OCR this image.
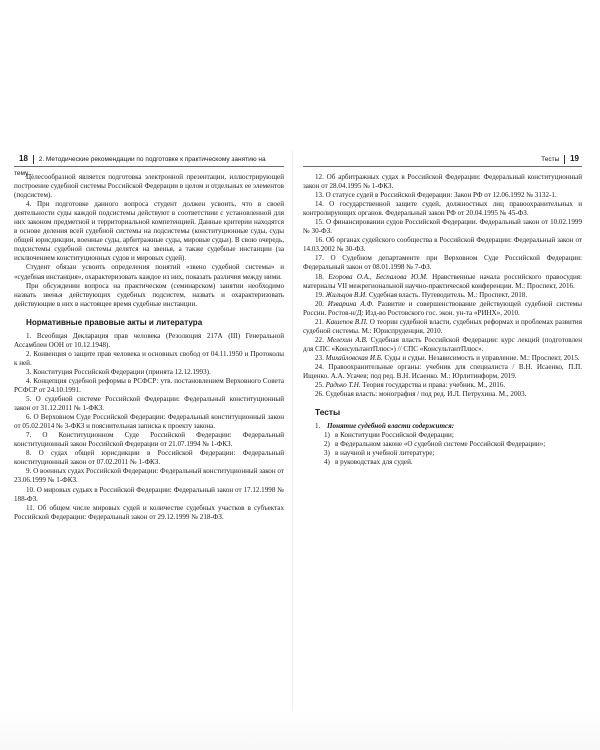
18 2. Методические рекомендации по подготовке к практическому занятию на тему...

Целесообразной является подготовка электронной презентации, иллюстрирующей построение судебной системы Российской Федерации в целом и отдельных ее элементов (подсистем).

4. При подготовке данного вопроса студент должен усвоить, что в своей деятельности суды каждой подсистемы действуют в соответствии с установленной для них законом предметной и территориальной компетенцией. Данные критерии находятся в основе деления всей судебной системы на подсистемы (конституционные суды, суды общей юрисдикции, военные суды, арбитражные суды, мировые судьи). В свою очередь, подсистемы судебной системы делятся на звенья, а также судебные инстанции (за исключением конституционных судов и мировых судей).

Студент обязан усвоить определения понятий «звено судебной системы» и «судебная инстанция», охарактеризовать каждое из них, показать различия между ними.

При обсуждении вопроса на практическом (семинарском) занятии необходимо назвать звенья действующих судебных подсистем, назвать и охарактеризовать действующие в них в настоящее время судебные инстанции.

Нормативные правовые акты и литература

1. Всеобщая Декларация прав человека (Резолюция 217А (III) Генеральной Ассамблеи ООН от 10.12.1948).

2. Конвенция о защите прав человека и основных свобод от 04.11.1950 и Протоколы к ней.

3. Конституция Российской Федерации (принята 12.12.1993).

4. Концепция судебной реформы в РСФСР: утв. постановлением Верховного Совета РСФСР от 24.10.1991.

5. О судебной системе Российской Федерации: Федеральный конституционный закон от 31.12.2011 № 1-ФКЗ.

6. О Верховном Суде Российской Федерации: Федеральный конституционный закон от 05.02.2014 № 3-ФКЗ и пояснительная записка к проекту закона.

7. О Конституционном Суде Российской Федерации: Федеральный конституционный закон Российской Федерации от 21.07.1994 № 1-ФКЗ.

8. О судах общей юрисдикции в Российской Федерации: Федеральный конституционный закон от 07.02.2011 № 1-ФКЗ.

9. О военных судах Российской Федерации: Федеральный конституционный закон от 23.06.1999 № 1-ФКЗ.

10. О мировых судьях в Российской Федерации: Федеральный закон от 17.12.1998 № 188-ФЗ.

11. Об общем числе мировых судей и количестве судебных участков в субъектах Российской Федерации: Федеральный закон от 29.12.1999 № 218-ФЗ.

Тесты 19

12. Об арбитражных судах в Российской Федерации: Федеральный конституционный закон от 28.04.1995 № 1-ФКЗ.

13. О статусе судей в Российской Федерации: Закон РФ от 12.06.1992 № 3132-1.

14. О государственной защите судей, должностных лиц правоохранительных и контролирующих органов. Федеральный закон РФ от 20.04.1995 № 45-ФЗ.

15. О финансировании судов Российской Федерации. Федеральный закон от 10.02.1999 № 30-ФЗ.

16. Об органах судейского сообщества в Российской Федерации: Федеральный закон от 14.03.2002 № 30-ФЗ.

17. О Судебном департаменте при Верховном Суде Российской Федерации: Федеральный закон от 08.01.1998 № 7-ФЗ.

18. Егорова О.А., Беспалова Ю.М. Нравственные начала российского правосудия: материалы VII межрегиональной научно-практической конференции. М.: Проспект, 2016.

19. Жильцов В.И. Судебная власть. Путеводитель. М.: Проспект, 2018.

20. Изварина А.Ф. Развитие и совершенствование действующей судебной системы России. Ростов-н/Д: Изд-во Ростовского гос. экон. ун-та «РИНХ», 2010.

21. Кашепов В.П. О теории судебной власти, судебных реформах и проблемах развития судебной системы. М.: Юриспруденция, 2010.

22. Мелехин А.В. Судебная власть Российской Федерации: курс лекций (подготовлен для СПС «КонсультантПлюс») // СПС «КонсультантПлюс».

23. Михайловская И.Б. Суды и судьи. Независимость и управление. М.: Проспект, 2015.

24. Правоохранительные органы: учебник для специалиста / В.Н. Исаенко, П.П. Ищенко. А.А. Усачев; под ред. В.Н. Исаенко. М.: Юрлитинформ, 2019.

25. Радько Т.Н. Теория государства и права: учебник. М., 2016.

26. Судебная власть: монография / под ред. И.Л. Петрухина. М., 2003.

Тесты
1. Понятие судебной власти содержится:
1) в Конституции Российской Федерации;
2) в Федеральном законе «О судебной системе Российской Федерации»;
3) в научной и учебной литературе;
4) в руководствах для судей.
